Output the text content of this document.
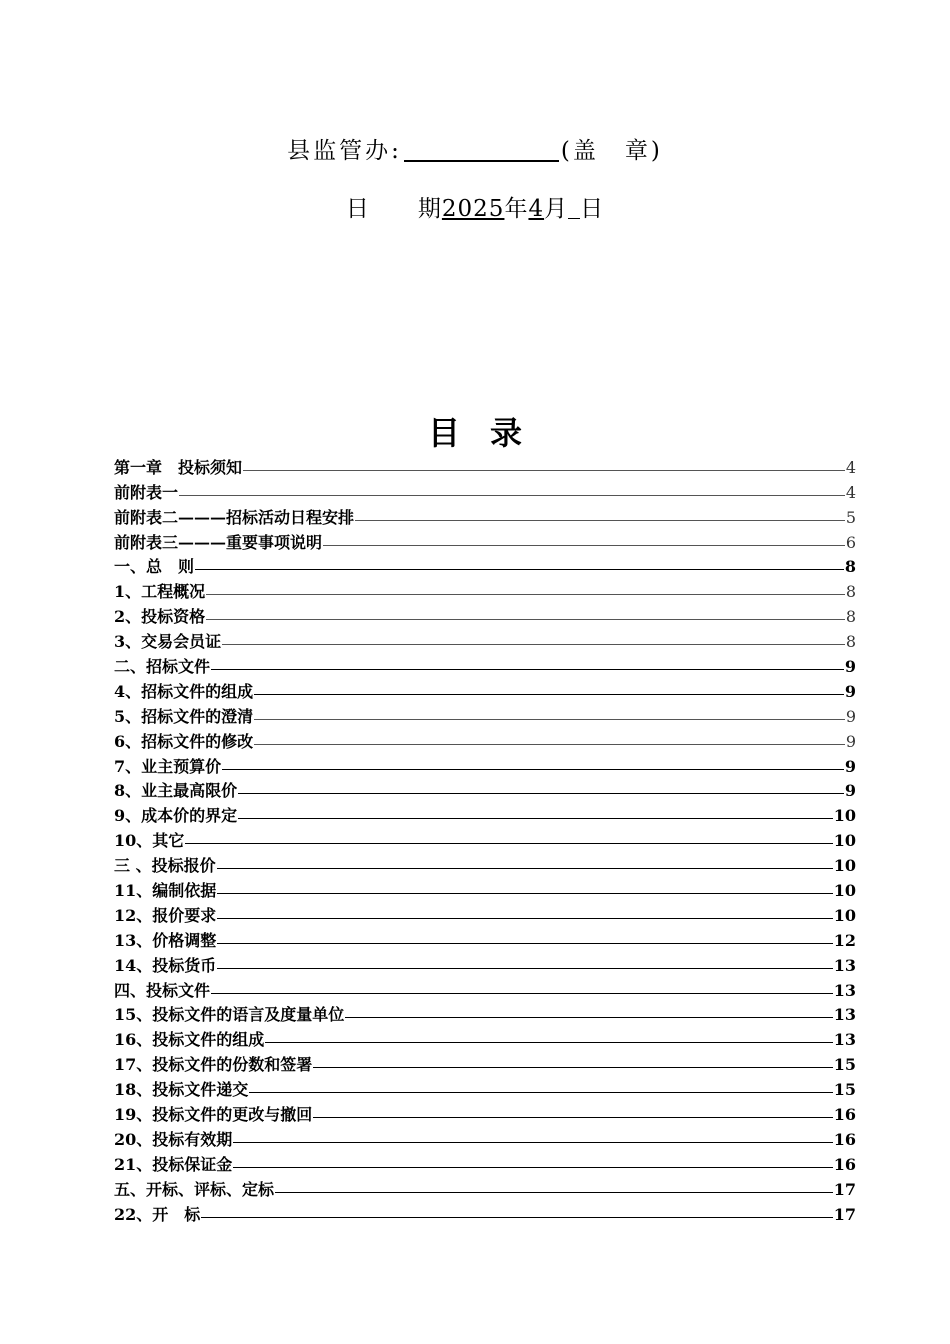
县监管办:	(盖　章)
日　　期2025年4月 日
目录
第一章　投标须知	4
前附表一	4
前附表二———招标活动日程安排	5
前附表三———重要事项说明	6
一、总　则	8
1、工程概况	8
2、投标资格	8
3、交易会员证	8
二、招标文件	9
4、招标文件的组成	9
5、招标文件的澄清	9
6、招标文件的修改	9
7、业主预算价	9
8、业主最高限价	9
9、成本价的界定	10
10、其它	10
三 、投标报价	10
11、编制依据	10
12、报价要求	10
13、价格调整	12
14、投标货币	13
四、投标文件	13
15、投标文件的语言及度量单位	13
16、投标文件的组成	13
17、投标文件的份数和签署	15
18、投标文件递交	15
19、投标文件的更改与撤回	16
20、投标有效期	16
21、投标保证金	16
五、开标、评标、定标	17
22、开　标	17
